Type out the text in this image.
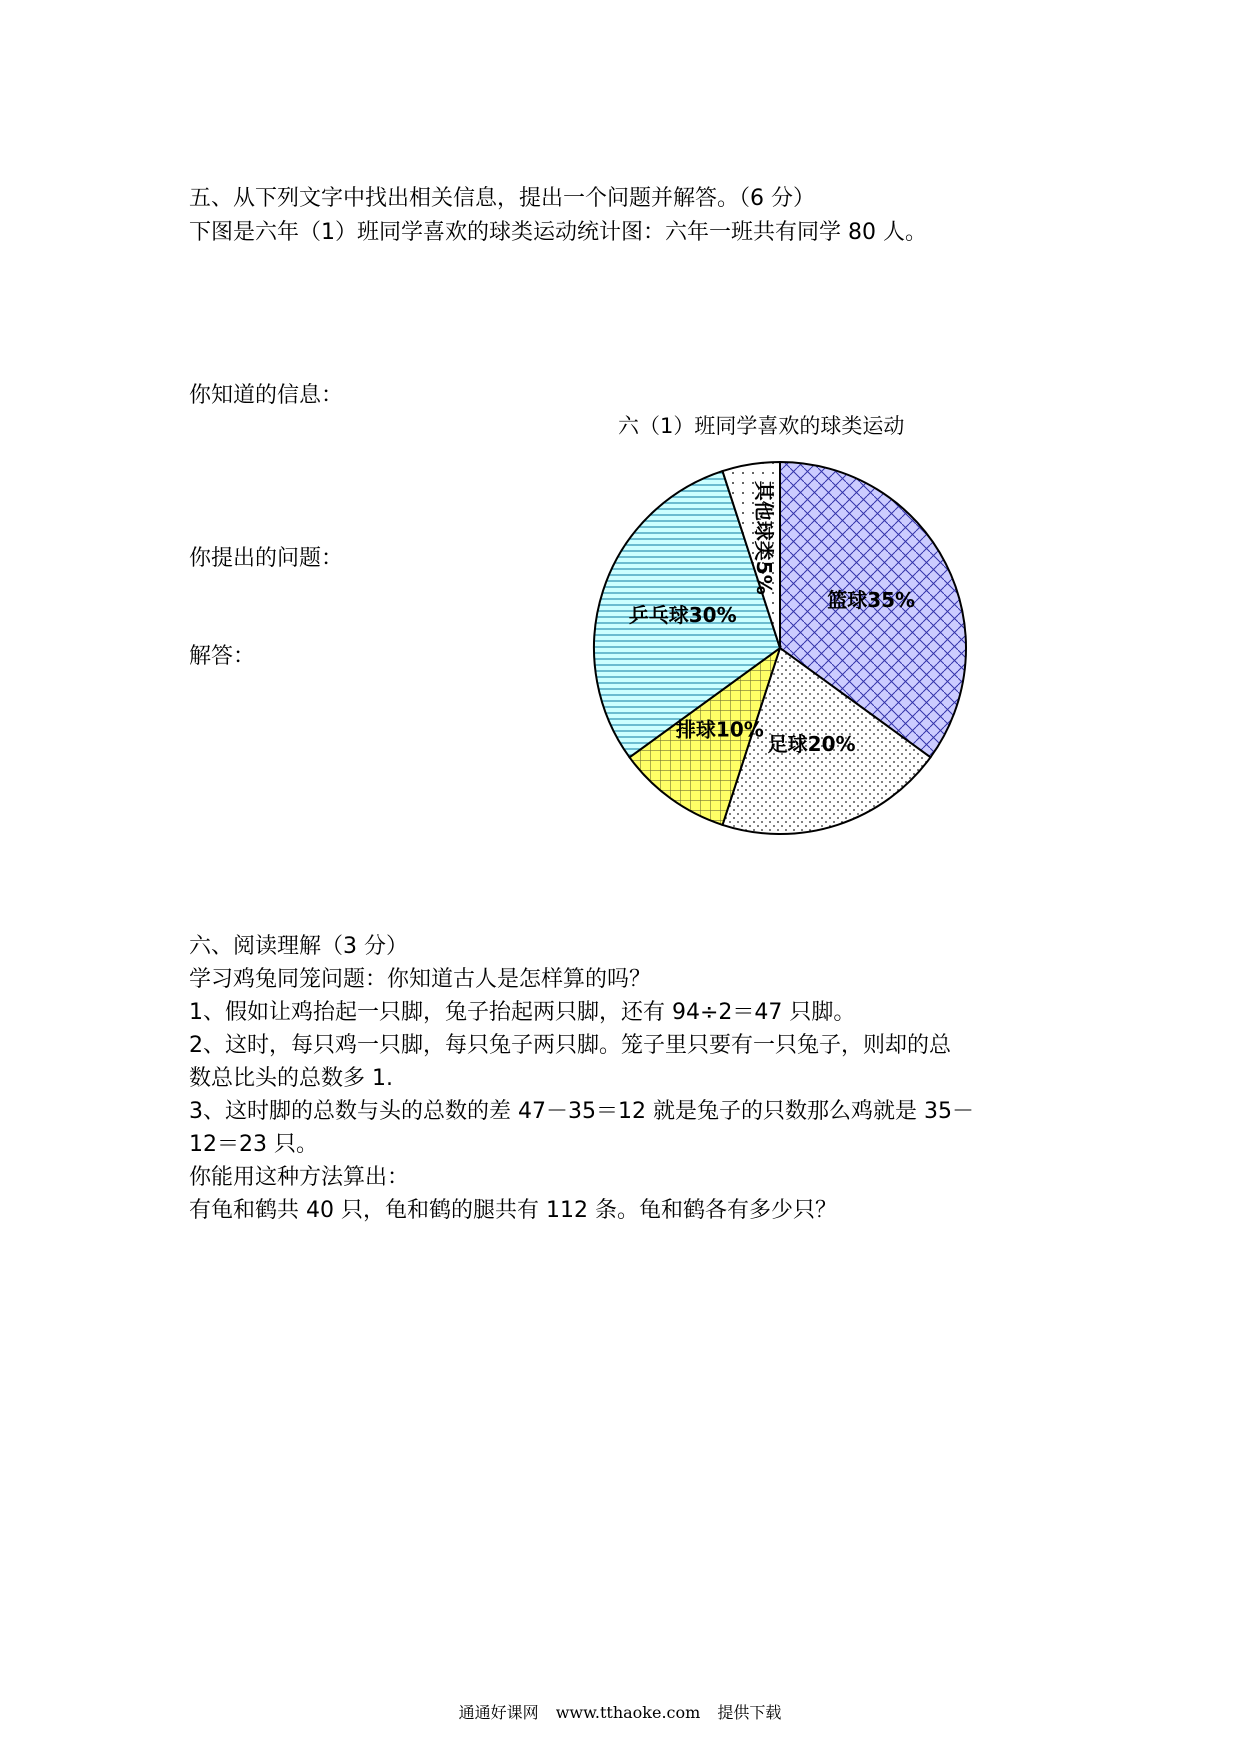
五、从下列文字中找出相关信息，提出一个问题并解答。（6 分）
下图是六年（1）班同学喜欢的球类运动统计图：六年一班共有同学 80 人。
你知道的信息：
你提出的问题：
解答：
六（1）班同学喜欢的球类运动
篮球35%
足球20%
排球10%
乒乓球30%
其他球类5%
六、阅读理解（3 分）
学习鸡兔同笼问题：你知道古人是怎样算的吗？
1、假如让鸡抬起一只脚，兔子抬起两只脚，还有 94÷2＝47 只脚。
2、这时，每只鸡一只脚，每只兔子两只脚。笼子里只要有一只兔子，则却的总
数总比头的总数多 1.
3、这时脚的总数与头的总数的差 47－35＝12 就是兔子的只数那么鸡就是 35－
12＝23 只。
你能用这种方法算出：
有龟和鹤共 40 只，龟和鹤的腿共有 112 条。龟和鹤各有多少只？
通通好课网 www.tthaoke.com 提供下载
